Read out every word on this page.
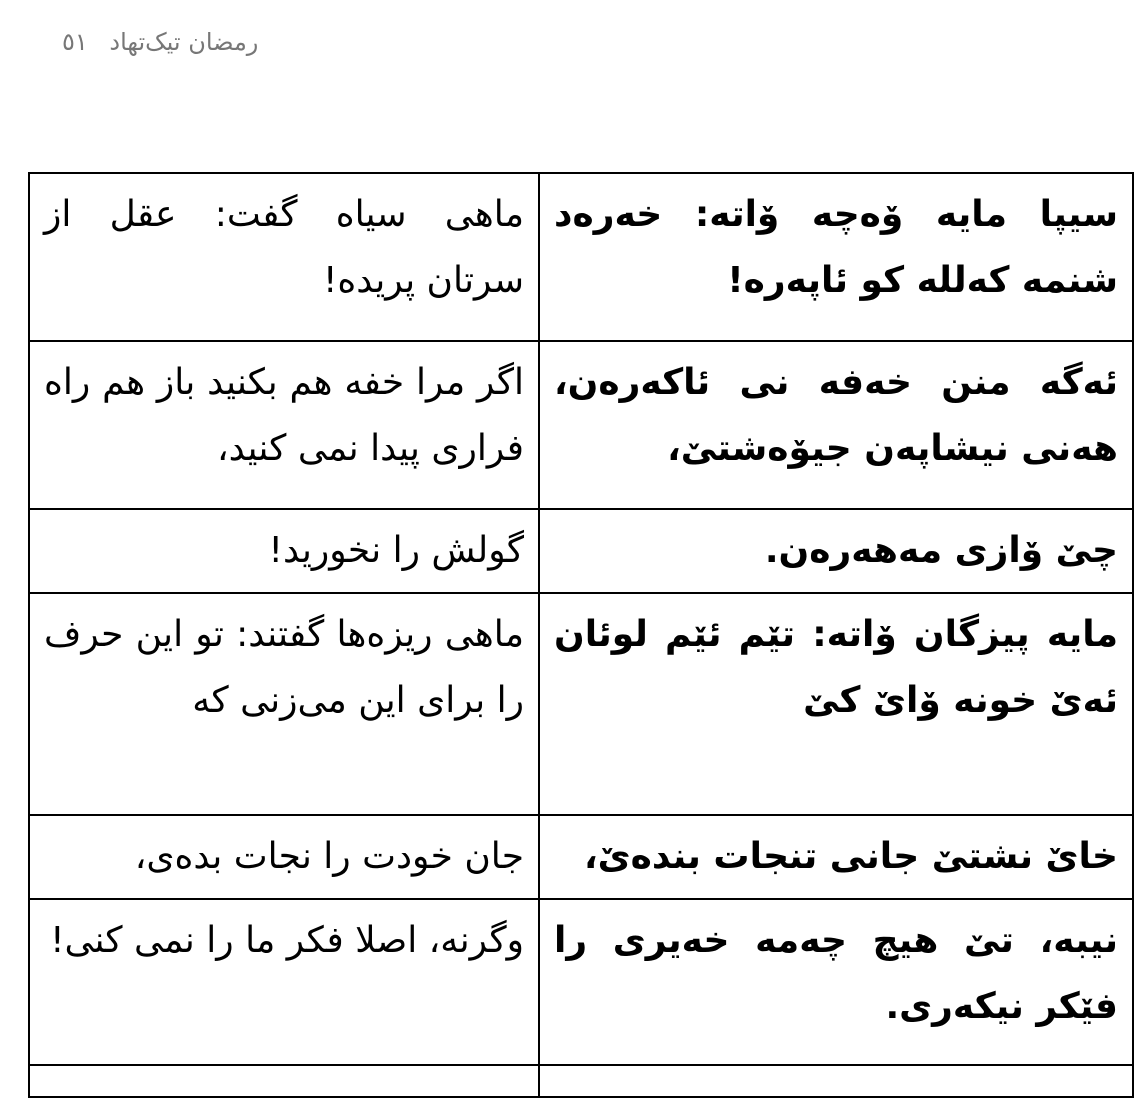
رمضان تیک‌تهاد ٥١
ماهی سیاه گفت: عقل از سرتان پریده!	سیپا مایە ۆەچە ۆاتە: خەرەد شنمە کەللە کو ئاپەرە!
اگر مرا خفه هم بکنید باز هم راه فراری پیدا نمی کنید،	ئەگە منن خەفە نی ئاکەرەن، هەنی نیشاپەن جیۆەشتێ،
گولش را نخورید!	چێ ۆازی مەهەرەن.
ماهی ریزه‌ها گفتند: تو این حرف را برای این می‌زنی که	مایە پیزگان ۆاتە: تێم ئێم لوئان ئەێ خونە ۆاێ کێ
جان خودت را نجات بده‌ی،	خاێ نشتێ جانی تنجات بندەێ،
وگرنه، اصلا فکر ما را نمی کنی!	نیبە، تێ هیچ چەمە خەیری را فێکر نیکەری.
